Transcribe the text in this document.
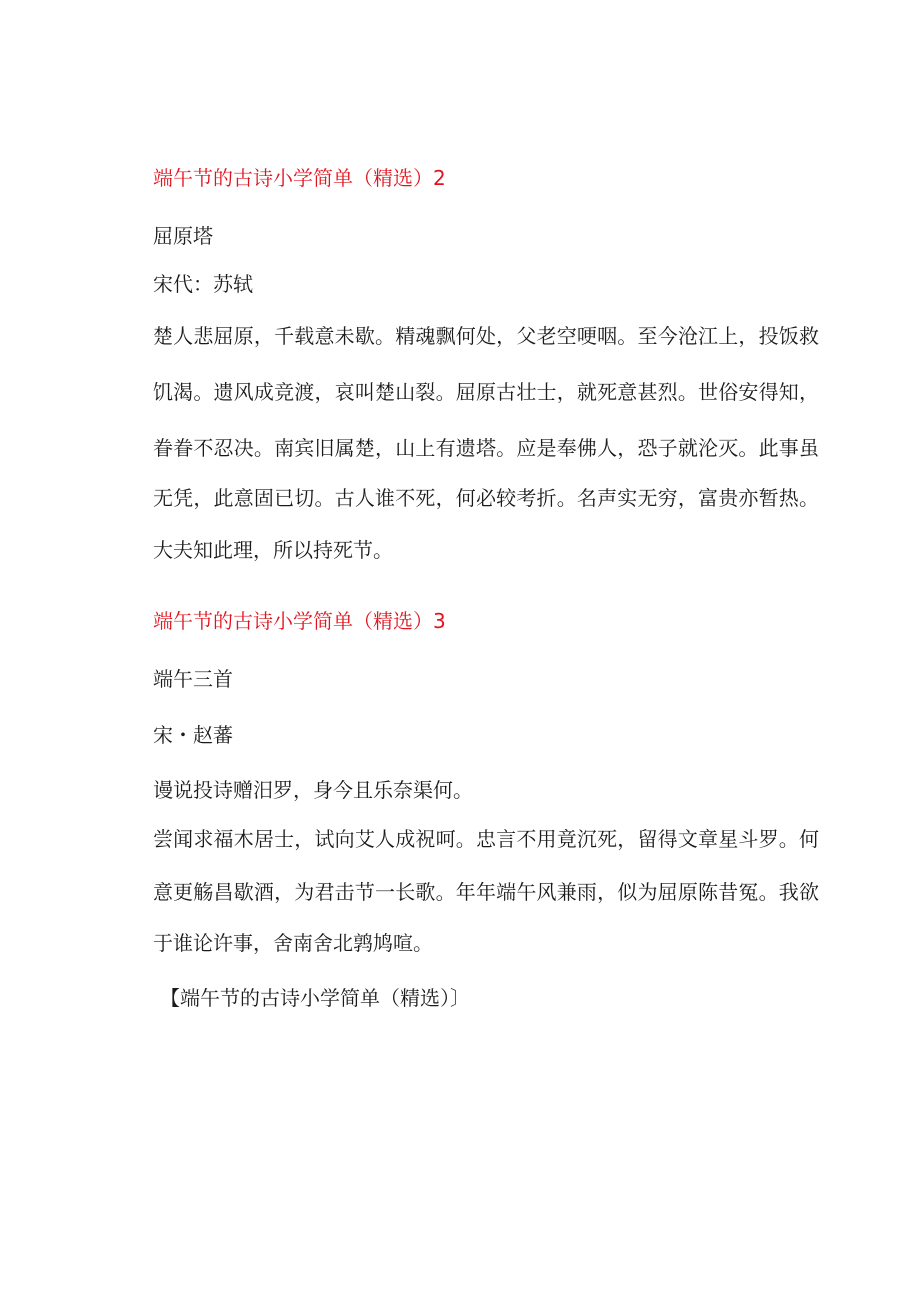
端午节的古诗小学简单（精选）2

屈原塔

宋代：苏轼

楚人悲屈原，千载意未歇。精魂飘何处，父老空哽咽。至今沧江上，投饭救

饥渴。遗风成竞渡，哀叫楚山裂。屈原古壮士，就死意甚烈。世俗安得知，

眷眷不忍决。南宾旧属楚，山上有遗塔。应是奉佛人，恐子就沦灭。此事虽

无凭，此意固已切。古人谁不死，何必较考折。名声实无穷，富贵亦暂热。

大夫知此理，所以持死节。

端午节的古诗小学简单（精选）3

端午三首

宋・赵蕃

谩说投诗赠汨罗，身今且乐奈渠何。

尝闻求福木居士，试向艾人成祝呵。忠言不用竟沉死，留得文章星斗罗。何

意更觞昌歇酒，为君击节一长歌。年年端午风兼雨，似为屈原陈昔冤。我欲

于谁论许事，舍南舍北鹑鸠喧。

【端午节的古诗小学简单（精选）〕
